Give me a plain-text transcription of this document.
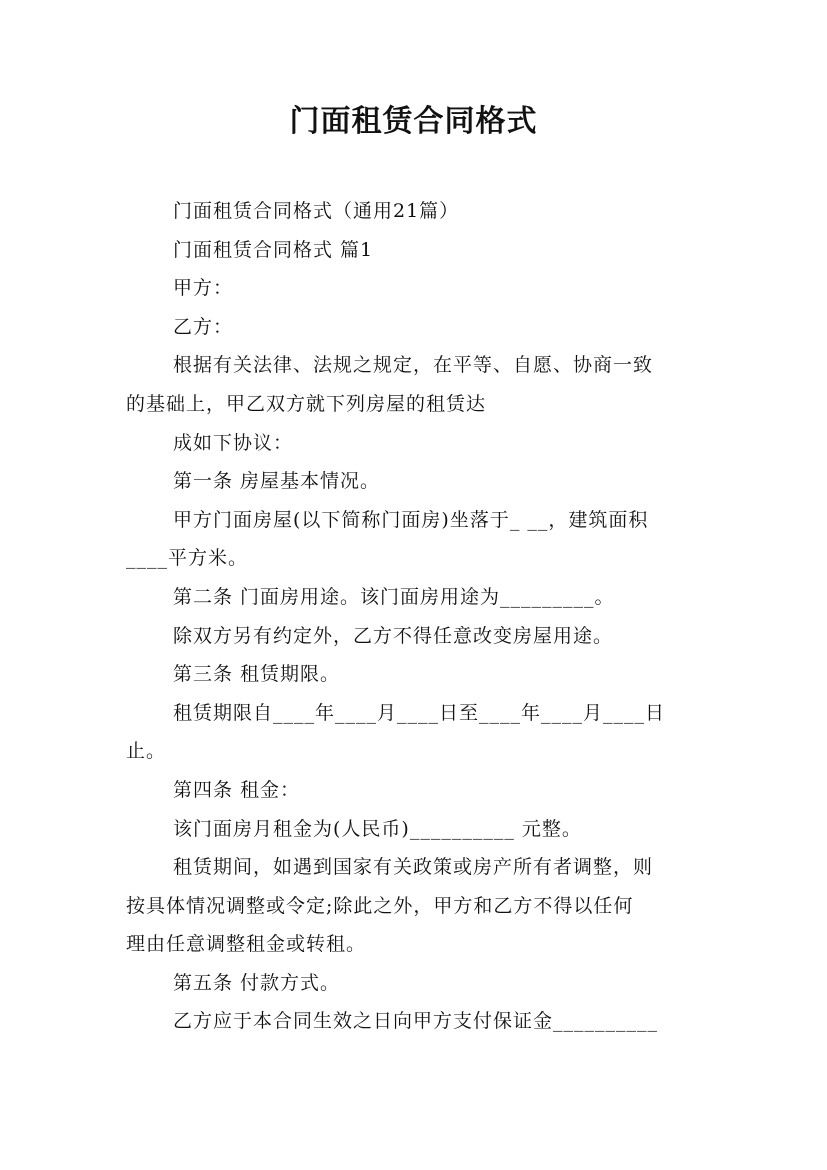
门面租赁合同格式
门面租赁合同格式（通用21篇）
门面租赁合同格式 篇1
甲方：
乙方：
根据有关法律、法规之规定，在平等、自愿、协商一致
的基础上，甲乙双方就下列房屋的租赁达
成如下协议：
第一条 房屋基本情况。
甲方门面房屋(以下简称门面房)坐落于_ __，建筑面积
____平方米。
第二条 门面房用途。该门面房用途为_________。
除双方另有约定外，乙方不得任意改变房屋用途。
第三条 租赁期限。
租赁期限自____年____月____日至____年____月____日
止。
第四条 租金：
该门面房月租金为(人民币)__________ 元整。
租赁期间，如遇到国家有关政策或房产所有者调整，则
按具体情况调整或令定;除此之外，甲方和乙方不得以任何
理由任意调整租金或转租。
第五条 付款方式。
乙方应于本合同生效之日向甲方支付保证金__________
